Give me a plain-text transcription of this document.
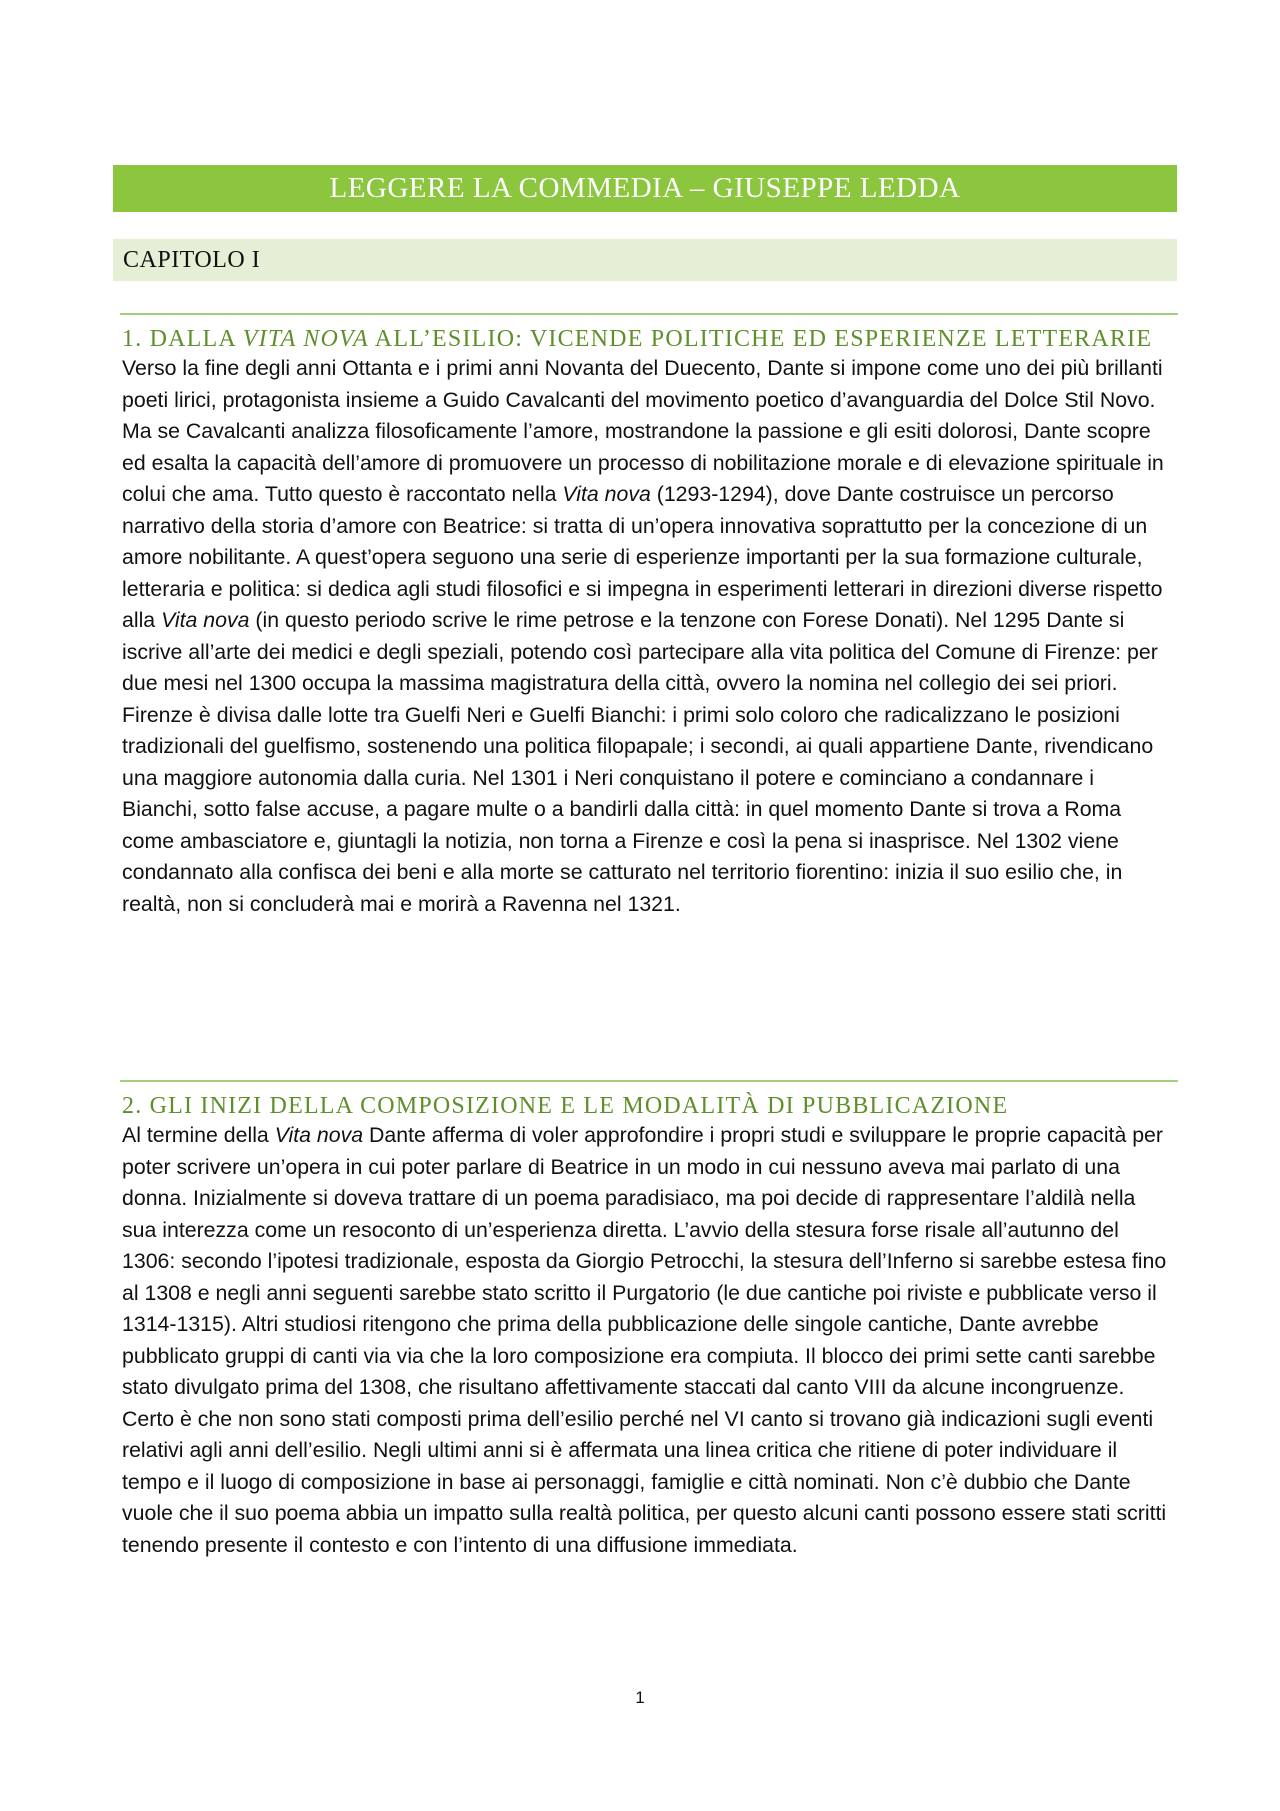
LEGGERE LA COMMEDIA – GIUSEPPE LEDDA
CAPITOLO I
1. DALLA VITA NOVA ALL’ESILIO: VICENDE POLITICHE ED ESPERIENZE LETTERARIE

Verso la fine degli anni Ottanta e i primi anni Novanta del Duecento, Dante si impone come uno dei più brillanti poeti lirici, protagonista insieme a Guido Cavalcanti del movimento poetico d’avanguardia del Dolce Stil Novo. Ma se Cavalcanti analizza filosoficamente l’amore, mostrandone la passione e gli esiti dolorosi, Dante scopre ed esalta la capacità dell’amore di promuovere un processo di nobilitazione morale e di elevazione spirituale in colui che ama. Tutto questo è raccontato nella Vita nova (1293-1294), dove Dante costruisce un percorso narrativo della storia d’amore con Beatrice: si tratta di un’opera innovativa soprattutto per la concezione di un amore nobilitante. A quest’opera seguono una serie di esperienze importanti per la sua formazione culturale, letteraria e politica: si dedica agli studi filosofici e si impegna in esperimenti letterari in direzioni diverse rispetto alla Vita nova (in questo periodo scrive le rime petrose e la tenzone con Forese Donati). Nel 1295 Dante si iscrive all’arte dei medici e degli speziali, potendo così partecipare alla vita politica del Comune di Firenze: per due mesi nel 1300 occupa la massima magistratura della città, ovvero la nomina nel collegio dei sei priori. Firenze è divisa dalle lotte tra Guelfi Neri e Guelfi Bianchi: i primi solo coloro che radicalizzano le posizioni tradizionali del guelfismo, sostenendo una politica filopapale; i secondi, ai quali appartiene Dante, rivendicano una maggiore autonomia dalla curia. Nel 1301 i Neri conquistano il potere e cominciano a condannare i Bianchi, sotto false accuse, a pagare multe o a bandirli dalla città: in quel momento Dante si trova a Roma come ambasciatore e, giuntagli la notizia, non torna a Firenze e così la pena si inasprisce. Nel 1302 viene condannato alla confisca dei beni e alla morte se catturato nel territorio fiorentino: inizia il suo esilio che, in realtà, non si concluderà mai e morirà a Ravenna nel 1321.

2. GLI INIZI DELLA COMPOSIZIONE E LE MODALITÀ DI PUBBLICAZIONE

Al termine della Vita nova Dante afferma di voler approfondire i propri studi e sviluppare le proprie capacità per poter scrivere un’opera in cui poter parlare di Beatrice in un modo in cui nessuno aveva mai parlato di una donna. Inizialmente si doveva trattare di un poema paradisiaco, ma poi decide di rappresentare l’aldilà nella sua interezza come un resoconto di un’esperienza diretta. L’avvio della stesura forse risale all’autunno del 1306: secondo l’ipotesi tradizionale, esposta da Giorgio Petrocchi, la stesura dell’Inferno si sarebbe estesa fino al 1308 e negli anni seguenti sarebbe stato scritto il Purgatorio (le due cantiche poi riviste e pubblicate verso il 1314-1315). Altri studiosi ritengono che prima della pubblicazione delle singole cantiche, Dante avrebbe pubblicato gruppi di canti via via che la loro composizione era compiuta. Il blocco dei primi sette canti sarebbe stato divulgato prima del 1308, che risultano affettivamente staccati dal canto VIII da alcune incongruenze. Certo è che non sono stati composti prima dell’esilio perché nel VI canto si trovano già indicazioni sugli eventi relativi agli anni dell’esilio. Negli ultimi anni si è affermata una linea critica che ritiene di poter individuare il tempo e il luogo di composizione in base ai personaggi, famiglie e città nominati. Non c’è dubbio che Dante vuole che il suo poema abbia un impatto sulla realtà politica, per questo alcuni canti possono essere stati scritti tenendo presente il contesto e con l’intento di una diffusione immediata.

1
